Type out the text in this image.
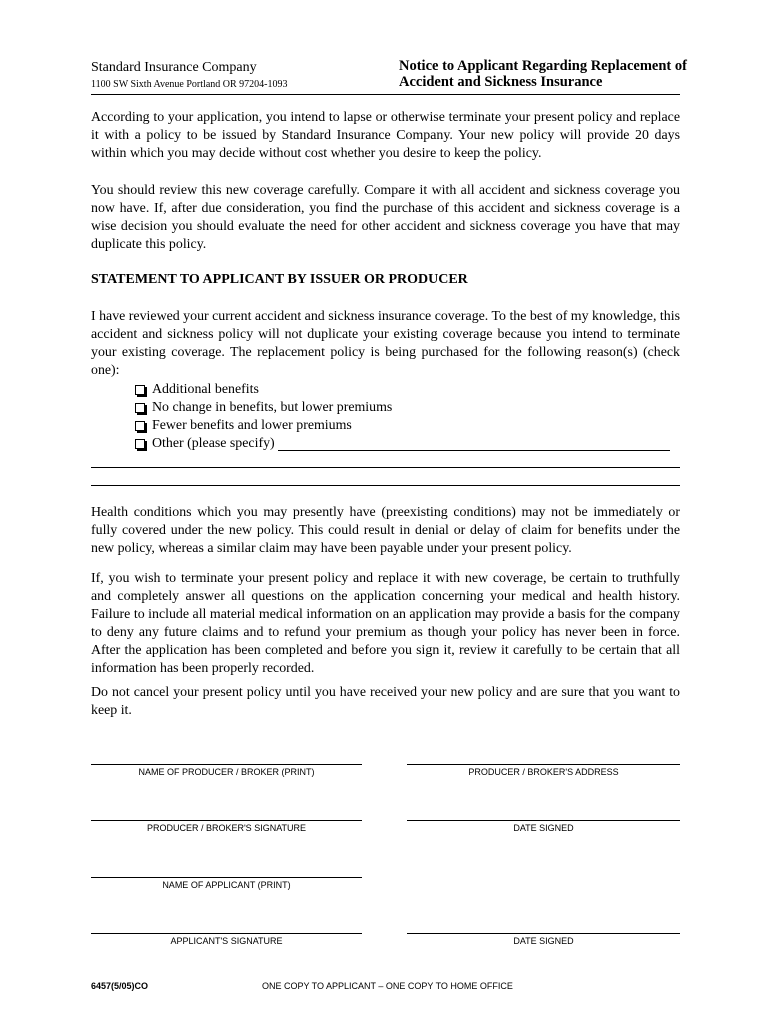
Standard Insurance Company
1100 SW Sixth Avenue Portland OR 97204-1093
Notice to Applicant Regarding Replacement of
Accident and Sickness Insurance
According to your application, you intend to lapse or otherwise terminate your present policy and replace it with a policy to be issued by Standard Insurance Company. Your new policy will provide 20 days within which you may decide without cost whether you desire to keep the policy.
You should review this new coverage carefully. Compare it with all accident and sickness coverage you now have. If, after due consideration, you find the purchase of this accident and sickness coverage is a wise decision you should evaluate the need for other accident and sickness coverage you have that may duplicate this policy.
STATEMENT TO APPLICANT BY ISSUER OR PRODUCER
I have reviewed your current accident and sickness insurance coverage. To the best of my knowledge, this accident and sickness policy will not duplicate your existing coverage because you intend to terminate your existing coverage. The replacement policy is being purchased for the following reason(s) (check one):
Additional benefits
No change in benefits, but lower premiums
Fewer benefits and lower premiums
Other (please specify)
Health conditions which you may presently have (preexisting conditions) may not be immediately or fully covered under the new policy. This could result in denial or delay of claim for benefits under the new policy, whereas a similar claim may have been payable under your present policy.
If, you wish to terminate your present policy and replace it with new coverage, be certain to truthfully and completely answer all questions on the application concerning your medical and health history. Failure to include all material medical information on an application may provide a basis for the company to deny any future claims and to refund your premium as though your policy has never been in force. After the application has been completed and before you sign it, review it carefully to be certain that all information has been properly recorded.
Do not cancel your present policy until you have received your new policy and are sure that you want to keep it.
NAME OF PRODUCER / BROKER (PRINT)	PRODUCER / BROKER'S ADDRESS
PRODUCER / BROKER'S SIGNATURE	DATE SIGNED
NAME OF APPLICANT (PRINT)
APPLICANT'S SIGNATURE	DATE SIGNED
6457(5/05)CO	ONE COPY TO APPLICANT – ONE COPY TO HOME OFFICE
